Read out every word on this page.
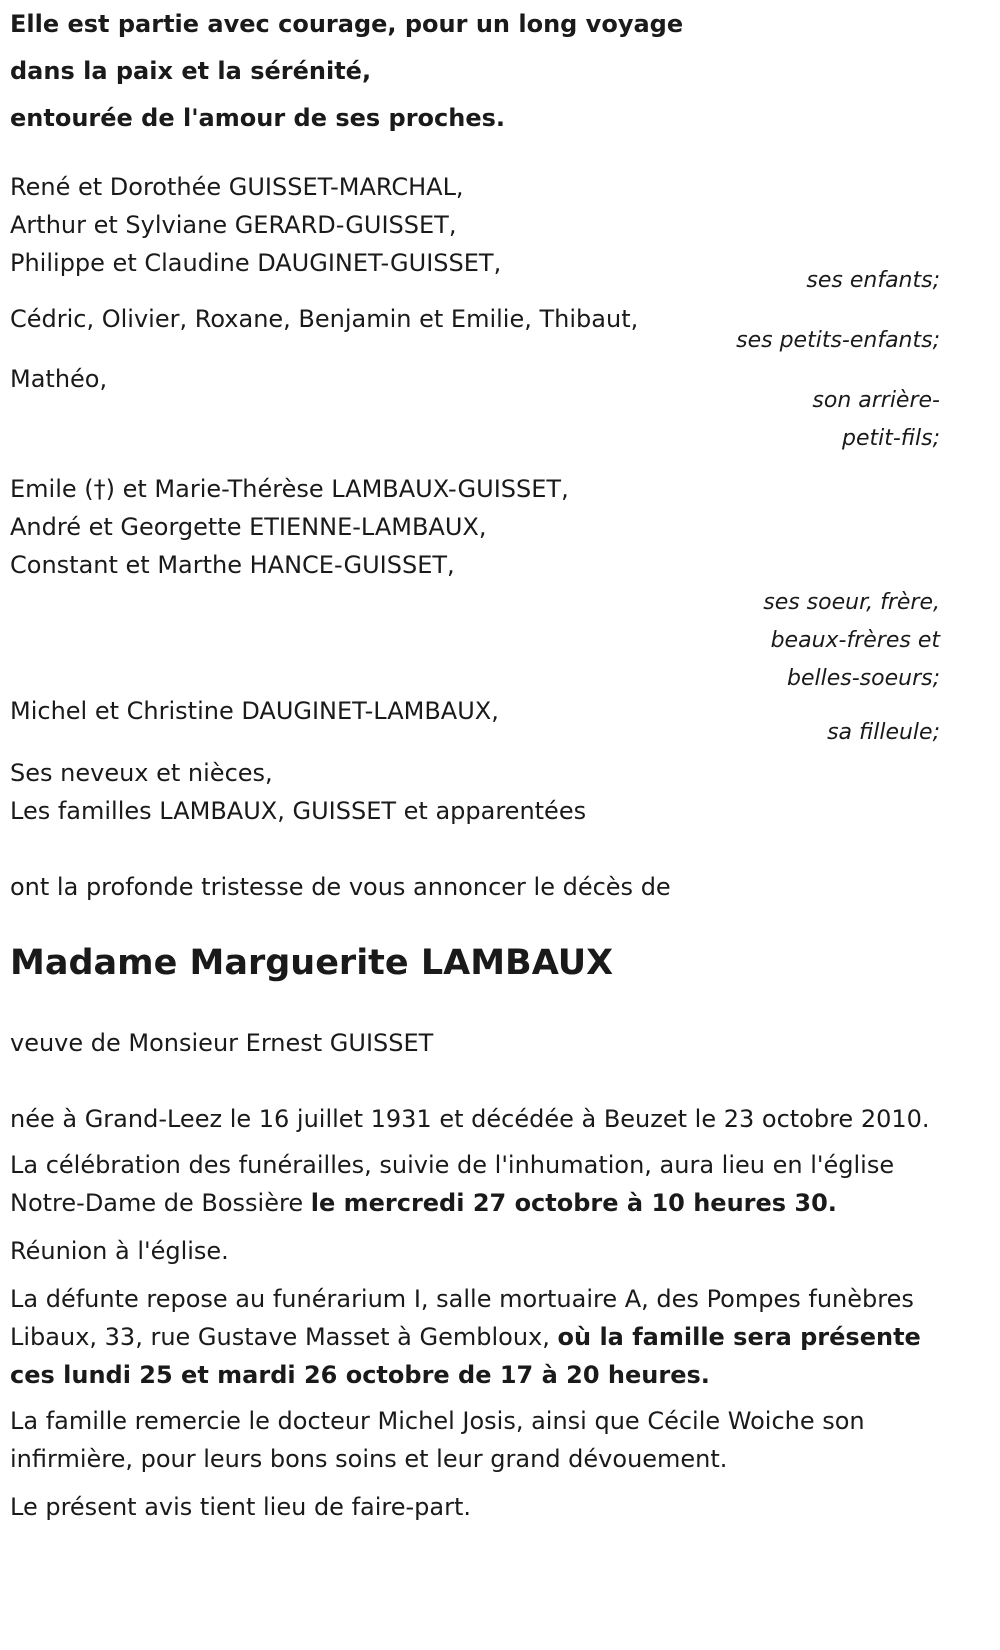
Elle est partie avec courage, pour un long voyage

dans la paix et la sérénité,

entourée de l'amour de ses proches.

René et Dorothée GUISSET-MARCHAL,

Arthur et Sylviane GERARD-GUISSET,

Philippe et Claudine DAUGINET-GUISSET,

ses enfants;

Cédric, Olivier, Roxane, Benjamin et Emilie, Thibaut,

ses petits-enfants;

Mathéo,

son arrière-petit-fils;

Emile (†) et Marie-Thérèse LAMBAUX-GUISSET,

André et Georgette ETIENNE-LAMBAUX,

Constant et Marthe HANCE-GUISSET,

ses soeur, frère, beaux-frères et belles-soeurs;

Michel et Christine DAUGINET-LAMBAUX,

sa filleule;

Ses neveux et nièces,

Les familles LAMBAUX, GUISSET et apparentées

ont la profonde tristesse de vous annoncer le décès de

Madame Marguerite LAMBAUX

veuve de Monsieur Ernest GUISSET

née à Grand-Leez le 16 juillet 1931 et décédée à Beuzet le 23 octobre 2010.

La célébration des funérailles, suivie de l'inhumation, aura lieu en l'église Notre-Dame de Bossière le mercredi 27 octobre à 10 heures 30.

Réunion à l'église.

La défunte repose au funérarium I, salle mortuaire A, des Pompes funèbres Libaux, 33, rue Gustave Masset à Gembloux, où la famille sera présente ces lundi 25 et mardi 26 octobre de 17 à 20 heures.

La famille remercie le docteur Michel Josis, ainsi que Cécile Woiche son infirmière, pour leurs bons soins et leur grand dévouement.

Le présent avis tient lieu de faire-part.
